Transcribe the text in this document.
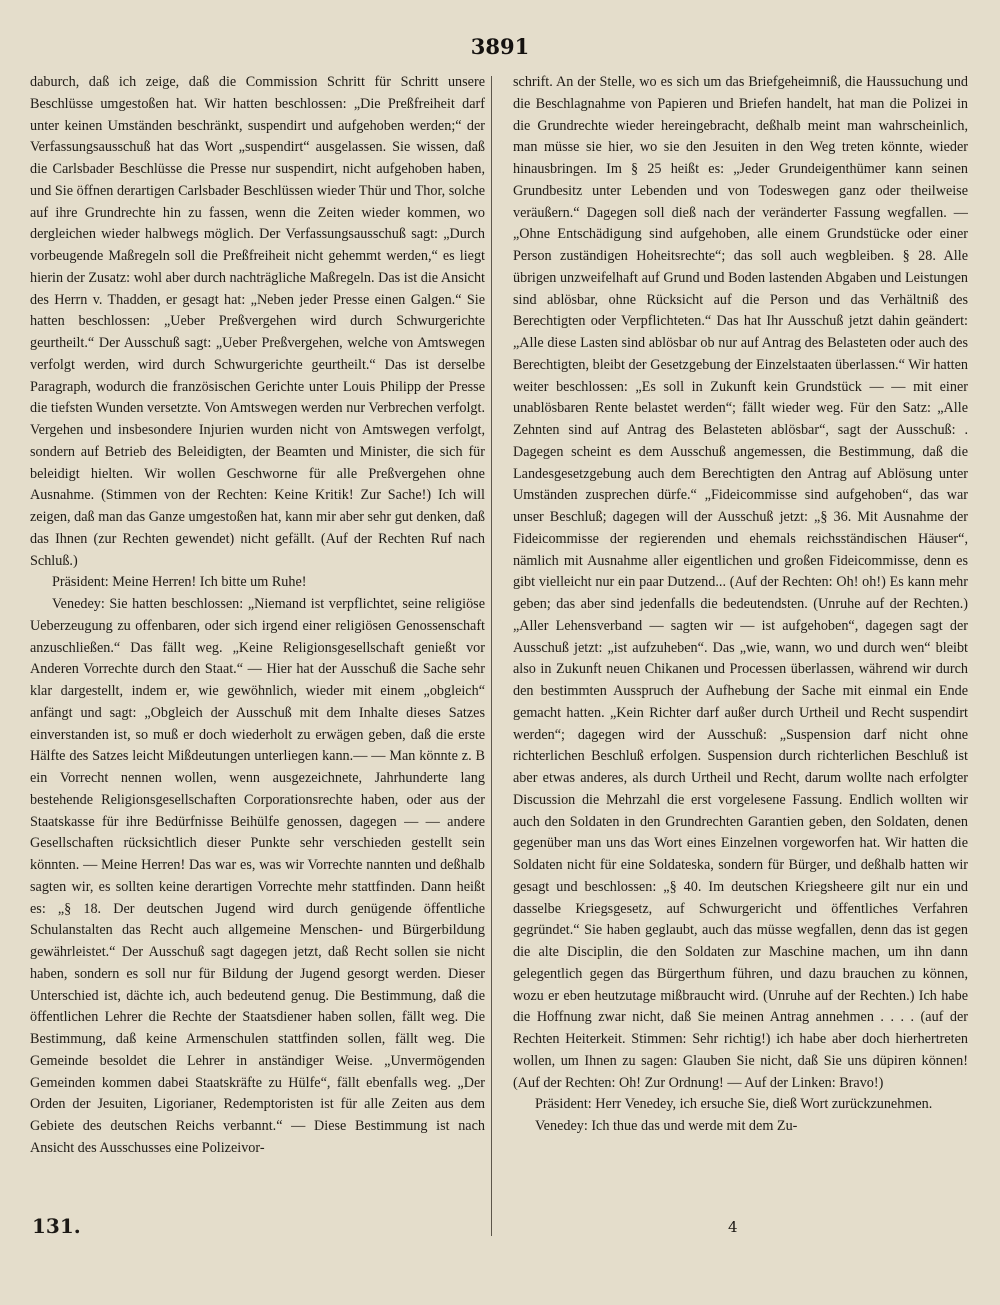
3891

daburch, daß ich zeige, daß die Commission Schritt für Schritt unsere Beschlüsse umgestoßen hat. Wir hatten beschlossen: „Die Preßfreiheit darf unter keinen Umständen beschränkt, suspendirt und aufgehoben werden;“ der Verfassungsausschuß hat das Wort „suspendirt“ ausgelassen. Sie wissen, daß die Carlsbader Beschlüsse die Presse nur suspendirt, nicht aufgehoben haben, und Sie öffnen derartigen Carlsbader Beschlüssen wieder Thür und Thor, solche auf ihre Grundrechte hin zu fassen, wenn die Zeiten wieder kommen, wo dergleichen wieder halbwegs möglich. Der Verfassungsausschuß sagt: „Durch vorbeugende Maßregeln soll die Preßfreiheit nicht gehemmt werden,“ es liegt hierin der Zusatz: wohl aber durch nachträgliche Maßregeln. Das ist die Ansicht des Herrn v. Thadden, er gesagt hat: „Neben jeder Presse einen Galgen.“ Sie hatten beschlossen: „Ueber Preßvergehen wird durch Schwurgerichte geurtheilt.“ Der Ausschuß sagt: „Ueber Preßvergehen, welche von Amtswegen verfolgt werden, wird durch Schwurgerichte geurtheilt.“ Das ist derselbe Paragraph, wodurch die französischen Gerichte unter Louis Philipp der Presse die tiefsten Wunden versetzte. Von Amtswegen werden nur Verbrechen verfolgt. Vergehen und insbesondere Injurien wurden nicht von Amtswegen verfolgt, sondern auf Betrieb des Beleidigten, der Beamten und Minister, die sich für beleidigt hielten. Wir wollen Geschworne für alle Preßvergehen ohne Ausnahme. (Stimmen von der Rechten: Keine Kritik! Zur Sache!) Ich will zeigen, daß man das Ganze umgestoßen hat, kann mir aber sehr gut denken, daß das Ihnen (zur Rechten gewendet) nicht gefällt. (Auf der Rechten Ruf nach Schluß.)

Präsident: Meine Herren! Ich bitte um Ruhe!

Venedey: Sie hatten beschlossen: „Niemand ist verpflichtet, seine religiöse Ueberzeugung zu offenbaren, oder sich irgend einer religiösen Genossenschaft anzuschließen.“ Das fällt weg. „Keine Religionsgesellschaft genießt vor Anderen Vorrechte durch den Staat.“ — Hier hat der Ausschuß die Sache sehr klar dargestellt, indem er, wie gewöhnlich, wieder mit einem „obgleich“ anfängt und sagt: „Obgleich der Ausschuß mit dem Inhalte dieses Satzes einverstanden ist, so muß er doch wiederholt zu erwägen geben, daß die erste Hälfte des Satzes leicht Mißdeutungen unterliegen kann.— — Man könnte z. B ein Vorrecht nennen wollen, wenn ausgezeichnete, Jahrhunderte lang bestehende Religionsgesellschaften Corporationsrechte haben, oder aus der Staatskasse für ihre Bedürfnisse Beihülfe genossen, dagegen — — andere Gesellschaften rücksichtlich dieser Punkte sehr verschieden gestellt sein könnten. — Meine Herren! Das war es, was wir Vorrechte nannten und deßhalb sagten wir, es sollten keine derartigen Vorrechte mehr stattfinden. Dann heißt es: „§ 18. Der deutschen Jugend wird durch genügende öffentliche Schulanstalten das Recht auch allgemeine Menschen- und Bürgerbildung gewährleistet.“ Der Ausschuß sagt dagegen jetzt, daß Recht sollen sie nicht haben, sondern es soll nur für Bildung der Jugend gesorgt werden. Dieser Unterschied ist, dächte ich, auch bedeutend genug. Die Bestimmung, daß die öffentlichen Lehrer die Rechte der Staatsdiener haben sollen, fällt weg. Die Bestimmung, daß keine Armenschulen stattfinden sollen, fällt weg. Die Gemeinde besoldet die Lehrer in anständiger Weise. „Unvermögenden Gemeinden kommen dabei Staatskräfte zu Hülfe“, fällt ebenfalls weg. „Der Orden der Jesuiten, Ligorianer, Redemptoristen ist für alle Zeiten aus dem Gebiete des deutschen Reichs verbannt.“ — Diese Bestimmung ist nach Ansicht des Ausschusses eine Polizeivor-

schrift. An der Stelle, wo es sich um das Briefgeheimniß, die Haussuchung und die Beschlagnahme von Papieren und Briefen handelt, hat man die Polizei in die Grundrechte wieder hereingebracht, deßhalb meint man wahrscheinlich, man müsse sie hier, wo sie den Jesuiten in den Weg treten könnte, wieder hinausbringen. Im § 25 heißt es: „Jeder Grundeigenthümer kann seinen Grundbesitz unter Lebenden und von Todeswegen ganz oder theilweise veräußern.“ Dagegen soll dieß nach der veränderter Fassung wegfallen. — „Ohne Entschädigung sind aufgehoben, alle einem Grundstücke oder einer Person zuständigen Hoheitsrechte“; das soll auch wegbleiben. § 28. Alle übrigen unzweifelhaft auf Grund und Boden lastenden Abgaben und Leistungen sind ablösbar, ohne Rücksicht auf die Person und das Verhältniß des Berechtigten oder Verpflichteten.“ Das hat Ihr Ausschuß jetzt dahin geändert: „Alle diese Lasten sind ablösbar ob nur auf Antrag des Belasteten oder auch des Berechtigten, bleibt der Gesetzgebung der Einzelstaaten überlassen.“ Wir hatten weiter beschlossen: „Es soll in Zukunft kein Grundstück — — mit einer unablösbaren Rente belastet werden“; fällt wieder weg. Für den Satz: „Alle Zehnten sind auf Antrag des Belasteten ablösbar“, sagt der Ausschuß: . Dagegen scheint es dem Ausschuß angemessen, die Bestimmung, daß die Landesgesetzgebung auch dem Berechtigten den Antrag auf Ablösung unter Umständen zusprechen dürfe.“ „Fideicommisse sind aufgehoben“, das war unser Beschluß; dagegen will der Ausschuß jetzt: „§ 36. Mit Ausnahme der Fideicommisse der regierenden und ehemals reichsständischen Häuser“, nämlich mit Ausnahme aller eigentlichen und großen Fideicommisse, denn es gibt vielleicht nur ein paar Dutzend... (Auf der Rechten: Oh! oh!) Es kann mehr geben; das aber sind jedenfalls die bedeutendsten. (Unruhe auf der Rechten.) „Aller Lehensverband — sagten wir — ist aufgehoben“, dagegen sagt der Ausschuß jetzt: „ist aufzuheben“. Das „wie, wann, wo und durch wen“ bleibt also in Zukunft neuen Chikanen und Processen überlassen, während wir durch den bestimmten Ausspruch der Aufhebung der Sache mit einmal ein Ende gemacht hatten. „Kein Richter darf außer durch Urtheil und Recht suspendirt werden“; dagegen wird der Ausschuß: „Suspension darf nicht ohne richterlichen Beschluß erfolgen. Suspension durch richterlichen Beschluß ist aber etwas anderes, als durch Urtheil und Recht, darum wollte nach erfolgter Discussion die Mehrzahl die erst vorgelesene Fassung. Endlich wollten wir auch den Soldaten in den Grundrechten Garantien geben, den Soldaten, denen gegenüber man uns das Wort eines Einzelnen vorgeworfen hat. Wir hatten die Soldaten nicht für eine Soldateska, sondern für Bürger, und deßhalb hatten wir gesagt und beschlossen: „§ 40. Im deutschen Kriegsheere gilt nur ein und dasselbe Kriegsgesetz, auf Schwurgericht und öffentliches Verfahren gegründet.“ Sie haben geglaubt, auch das müsse wegfallen, denn das ist gegen die alte Disciplin, die den Soldaten zur Maschine machen, um ihn dann gelegentlich gegen das Bürgerthum führen, und dazu brauchen zu können, wozu er eben heutzutage mißbraucht wird. (Unruhe auf der Rechten.) Ich habe die Hoffnung zwar nicht, daß Sie meinen Antrag annehmen . . . . (auf der Rechten Heiterkeit. Stimmen: Sehr richtig!) ich habe aber doch hierhertreten wollen, um Ihnen zu sagen: Glauben Sie nicht, daß Sie uns düpiren können! (Auf der Rechten: Oh! Zur Ordnung! — Auf der Linken: Bravo!)

Präsident: Herr Venedey, ich ersuche Sie, dieß Wort zurückzunehmen.

Venedey: Ich thue das und werde mit dem Zu-

131.	4
